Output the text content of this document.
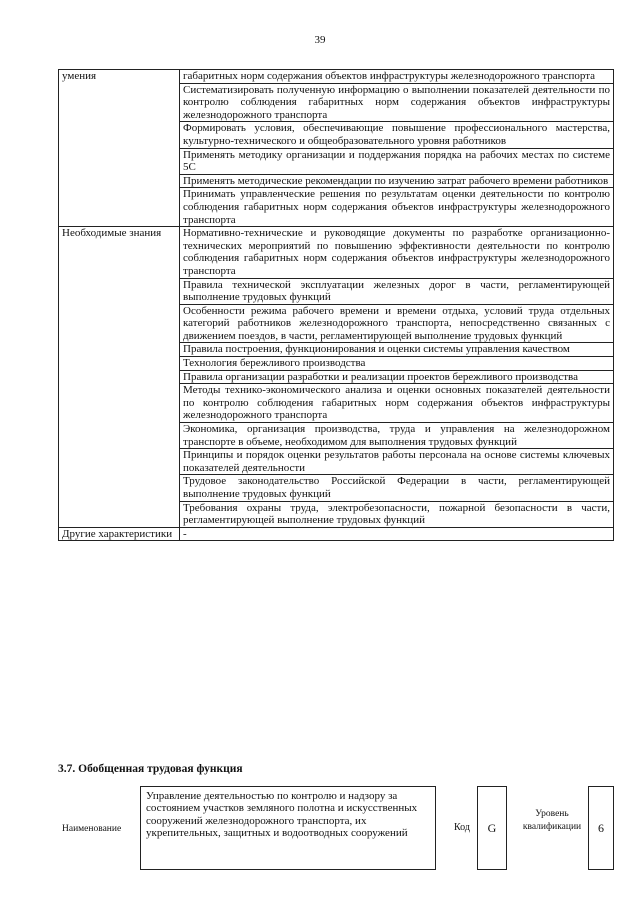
39
умения	габаритных норм содержания объектов инфраструктуры железнодорожного транспорта
	Систематизировать полученную информацию о выполнении показателей деятельности по контролю соблюдения габаритных норм содержания объектов инфраструктуры железнодорожного транспорта
	Формировать условия, обеспечивающие повышение профессионального мастерства, культурно-технического и общеобразовательного уровня работников
	Применять методику организации и поддержания порядка на рабочих местах по системе 5С
	Применять методические рекомендации по изучению затрат рабочего времени работников
	Принимать управленческие решения по результатам оценки деятельности по контролю соблюдения габаритных норм содержания объектов инфраструктуры железнодорожного транспорта
Необходимые знания	Нормативно-технические и руководящие документы по разработке организационно-технических мероприятий по повышению эффективности деятельности по контролю соблюдения габаритных норм содержания объектов инфраструктуры железнодорожного транспорта
	Правила технической эксплуатации железных дорог в части, регламентирующей выполнение трудовых функций
	Особенности режима рабочего времени и времени отдыха, условий труда отдельных категорий работников железнодорожного транспорта, непосредственно связанных с движением поездов, в части, регламентирующей выполнение трудовых функций
	Правила построения, функционирования и оценки системы управления качеством
	Технология бережливого производства
	Правила организации разработки и реализации проектов бережливого производства
	Методы технико-экономического анализа и оценки основных показателей деятельности по контролю соблюдения габаритных норм содержания объектов инфраструктуры железнодорожного транспорта
	Экономика, организация производства, труда и управления на железнодорожном транспорте в объеме, необходимом для выполнения трудовых функций
	Принципы и порядок оценки результатов работы персонала на основе системы ключевых показателей деятельности
	Трудовое законодательство Российской Федерации в части, регламентирующей выполнение трудовых функций
	Требования охраны труда, электробезопасности, пожарной безопасности в части, регламентирующей выполнение трудовых функций
Другие характеристики	-
3.7. Обобщенная трудовая функция
Наименование
Управление деятельностью по контролю и надзору за состоянием участков земляного полотна и искусственных сооружений железнодорожного транспорта, их укрепительных, защитных и водоотводных сооружений	Код	G
Уровень квалификации	6
